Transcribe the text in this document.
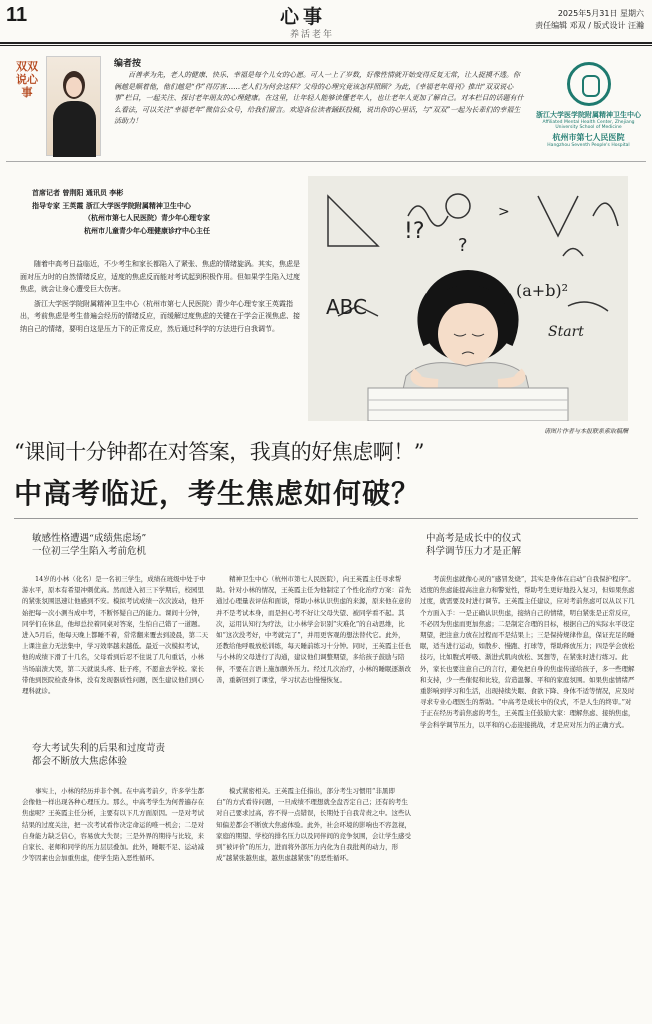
11	心事
养活老年
2025年5月31日 星期六
责任编辑 邓双 / 版式设计 汪瀚
双双说心事
编者按
百善孝为先，老人的健康、快乐、幸福是每个儿女的心愿。可人一上了岁数，好像性情就开始变得反复无常，让人捉摸不透。你俩越是顺着他，他们越是“作”得厉害……老人们为何会这样？父母的心理究竟该怎样照顾？为此，《幸福老年周刊》推出“双双说心事”栏目，一起关注、探讨老年朋友的心理健康。在这里，让年轻人能够读懂老年人，也让老年人更加了解自己。对本栏目的话题有什么看法，可以关注“幸福老年”微信公众号，给我们留言。欢迎各位读者踊跃投稿，说出你的心里话，与“双双”一起为长辈们的幸福生活助力！
浙江大学医学院附属精神卫生中心
Affiliated Mental Health Center, Zhejiang University School of Medicine
杭州市第七人民医院
Hangzhou Seventh People's Hospital
首席记者 曾荆阳 通讯员 李彬
指导专家 王英霞 浙江大学医学院附属精神卫生中心
（杭州市第七人民医院）青少年心理专家
杭州市儿童青少年心理健康诊疗中心主任

随着中高考日益临近，不少考生和家长都陷入了紧张、焦虑的情绪旋涡。其实，焦虑是面对压力时的自然情绪反应，适度的焦虑反而能对考试起到积极作用。但如果学生陷入过度焦虑，就会让身心遭受巨大伤害。

浙江大学医学院附属精神卫生中心（杭州市第七人民医院）青少年心理专家王英霞指出，考前焦虑是考生普遍会经历的情绪反应，而缓解过度焦虑的关键在于学会正视焦虑、接纳自己的情绪，要明白这是压力下的正常反应，然后通过科学的方法进行自我调节。

ABC
(a+b)²
Start
!?
?
>
请图片作者与本报联系索取稿酬
“课间十分钟都在对答案，我真的好焦虑啊！”
中高考临近，考生焦虑如何破？
敏感性格遭遇“成绩焦虑场”
一位初三学生陷入考前危机

14岁的小林（化名）是一名初三学生，成绩在班级中处于中游水平，原本有希望冲刺优高。然而进入初三下学期后，校园里的紧张氛围迅速让他感到不安。模拟考试成绩一次次波动，他开始把每一次小测当成中考，不断怀疑自己的能力。课间十分钟，同学们在休息，他却总拉着同桌对答案，生怕自己错了一道题。进入5月后，他每天晚上都睡不着，常常翻来覆去到凌晨，第二天上课注意力无法集中，学习效率越来越低。最近一次模拟考试，他的成绩下滑了十几名，父母看到后忍不住说了几句重话，小林当场崩溃大哭，第二天就说头疼、肚子疼，不愿意去学校。家长带他到医院检查身体，没有发现器质性问题，医生建议他们到心理科就诊。

精神卫生中心（杭州市第七人民医院），向王英霞主任寻求帮助。针对小林的情况，王英霞主任为他制定了个性化治疗方案：首先通过心理量表评估和面谈，帮助小林认识焦虑的来源，原来他在意的并不是考试本身，而是担心考不好让父母失望、被同学看不起。其次，运用认知行为疗法，让小林学会识别“灾难化”的自动思维，比如“这次没考好，中考就完了”，并用更客观的想法替代它。此外，还教给他呼吸放松训练，每天睡前练习十分钟。同时，王英霞主任也与小林的父母进行了沟通，建议他们调整期望，多给孩子鼓励与陪伴，不要在言语上施加额外压力。经过几次治疗，小林的睡眠逐渐改善，重新回到了课堂，学习状态也慢慢恢复。

夸大考试失利的后果和过度苛责
都会不断放大焦虑体验

事实上，小林的经历并非个例。在中高考前夕，许多学生都会像他一样出现各种心理压力。那么，中高考学生为何普遍存在焦虑呢？王英霞主任分析，主要有以下几方面原因。一是对考试结果的过度关注，把一次考试看作决定命运的唯一机会；二是对自身能力缺乏信心，容易放大失误；三是外界的期待与比较，来自家长、老师和同学的压力层层叠加。此外，睡眠不足、运动减少等因素也会加重焦虑，使学生陷入恶性循环。

模式紧密相关。王英霞主任指出，部分考生习惯用“非黑即白”的方式看待问题，一旦成绩不理想就全盘否定自己；还有的考生对自己要求过高，容不得一点错误，长期处于自我苛责之中。这些认知偏差都会不断放大焦虑体验。此外，社会环境的影响也不容忽视，家庭的期望、学校的排名压力以及同伴间的竞争氛围，会让学生感受到“被评价”的压力，进而将外部压力内化为自我批判的动力，形成“越紧张越焦虑，越焦虑越紧张”的恶性循环。

中高考是成长中的仪式
科学调节压力才是正解

考前焦虑就像心灵的“感冒发烧”，其实是身体在启动“自我保护程序”。适度的焦虑能提高注意力和警觉性，帮助考生更好地投入复习，但如果焦虑过度，就需要及时进行调节。王英霞主任建议，应对考前焦虑可以从以下几个方面入手：一是正确认识焦虑，接纳自己的情绪，明白紧张是正常反应，不必因为焦虑而更加焦虑；二是制定合理的目标，根据自己的实际水平设定期望，把注意力放在过程而不是结果上；三是保持规律作息，保证充足的睡眠，适当进行运动，如散步、慢跑、打球等，帮助释放压力；四是学会放松技巧，比如腹式呼吸、渐进式肌肉放松、冥想等，在紧张时进行练习。此外，家长也要注意自己的言行，避免把自身的焦虑传递给孩子，多一些理解和支持，少一些催促和比较，营造温馨、平和的家庭氛围。如果焦虑情绪严重影响到学习和生活，出现持续失眠、食欲下降、身体不适等情况，应及时寻求专业心理医生的帮助。“中高考是成长中的仪式，不是人生的终审。”对于正在经历考前焦虑的考生，王英霞主任鼓励大家：理解焦虑、接纳焦虑，学会科学调节压力，以平和的心态迎接挑战，才是应对压力的正确方式。
